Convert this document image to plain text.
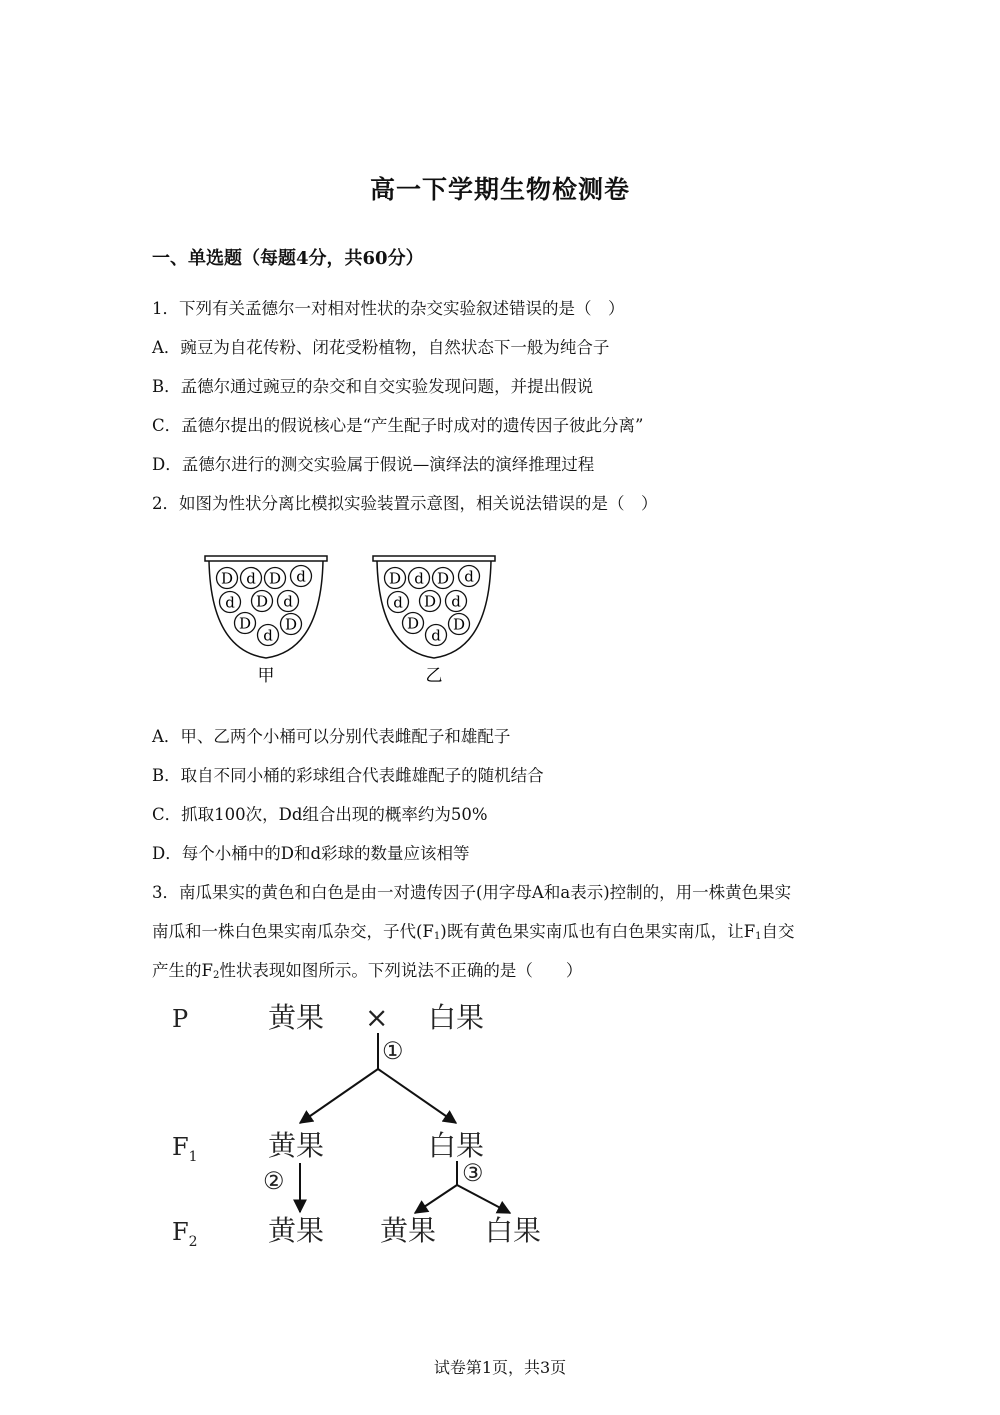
高一下学期生物检测卷
一、单选题（每题4分，共60分）
1．下列有关孟德尔一对相对性状的杂交实验叙述错误的是（　）
A．豌豆为自花传粉、闭花受粉植物，自然状态下一般为纯合子
B．孟德尔通过豌豆的杂交和自交实验发现问题，并提出假说
C．孟德尔提出的假说核心是“产生配子时成对的遗传因子彼此分离”
D．孟德尔进行的测交实验属于假说—演绎法的演绎推理过程
2．如图为性状分离比模拟实验装置示意图，相关说法错误的是（　）
D d D d
d D d
D
d
D
D d D d
d D d
D
d
D
甲	乙
A．甲、乙两个小桶可以分别代表雌配子和雄配子
B．取自不同小桶的彩球组合代表雌雄配子的随机结合
C．抓取100次，Dd组合出现的概率约为50%
D．每个小桶中的D和d彩球的数量应该相等
3．南瓜果实的黄色和白色是由一对遗传因子(用字母A和a表示)控制的，用一株黄色果实
南瓜和一株白色果实南瓜杂交，子代$(F_1)$既有黄色果实南瓜也有白色果实南瓜，让$F_1$自交
产生的$F_2$性状表现如图所示。下列说法不正确的是（　　）
P	黄果 × 白果
①
$F_1$	黄果	白果
②	③
$F_2$	黄果 黄果 白果
试卷第1页，共3页
